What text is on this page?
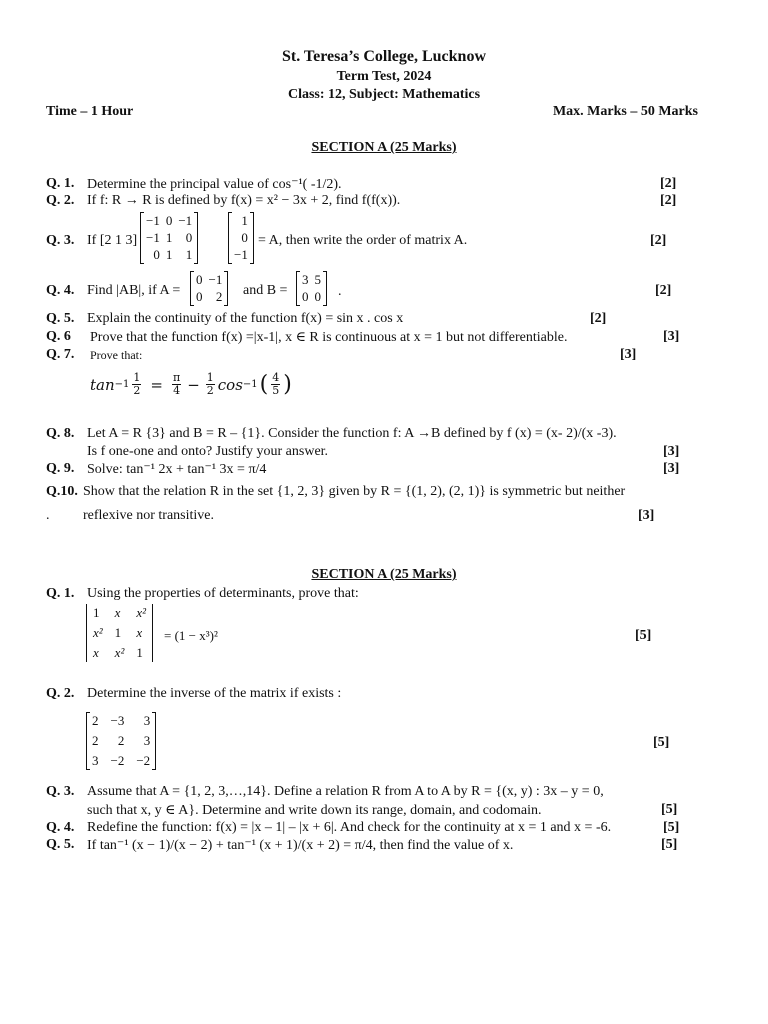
St. Teresa’s College, Lucknow
Term Test, 2024
Class: 12, Subject: Mathematics
Time – 1 Hour	Max. Marks – 50 Marks
SECTION A (25 Marks)
Q. 1. Determine the principal value of cos⁻¹( -1/2).	[2]
Q. 2. If f: R → R is defined by f(x) = x² − 3x + 2, find f(f(x)).	[2]
Q. 3. If [2 1 3]
−1 0 −1
−1 1	0
0 1	1
1
0
−1
= A, then write the order of matrix A.	[2]
Q. 4. Find |AB|, if A =
0 −1
0	2 and B =
3 5
0 0 .	[2]
Q. 5. Explain the continuity of the function f(x) = sin x . cos x	[2]
Q. 6 Prove that the function f(x) =|x-1|, x ∈ R is continuous at x = 1 but not differentiable.	[3]
Q. 7. Prove that:	[3]
$\tan -1 \frac{1}{2} = \frac{\pi}{4} - \frac{1}{2}$ cos −1 ( $\frac{4}{5}$ )
Q. 8. Let A = R {3} and B = R – {1}. Consider the function f: A →B defined by f (x) = (x- 2)/(x -3).
Is f one-one and onto? Justify your answer.	[3]
Q. 9. Solve: tan⁻¹ 2x + tan⁻¹ 3x = π/4	[3]
Q.10. Show that the relation R in the set {1, 2, 3} given by R = {(1, 2), (2, 1)} is symmetric but neither
. reflexive nor transitive.	[3]
SECTION A (25 Marks)
Q. 1. Using the properties of determinants, prove that:
1 x x²
x² 1 x
x x² 1
= (1 − x³)²	[5]
Q. 2. Determine the inverse of the matrix if exists :
2 −3	3
2	2	3
3 −2 −2
[5]
Q. 3. Assume that A = {1, 2, 3,…,14}. Define a relation R from A to A by R = {(x, y) : 3x – y = 0,
such that x, y ∈ A}. Determine and write down its range, domain, and codomain.	[5]
Q. 4. Redefine the function: f(x) = |x – 1| – |x + 6|. And check for the continuity at x = 1 and x = -6.	[5]
Q. 5. If tan⁻¹ (x − 1)/(x − 2) + tan⁻¹ (x + 1)/(x + 2) = π/4, then find the value of x.	[5]
